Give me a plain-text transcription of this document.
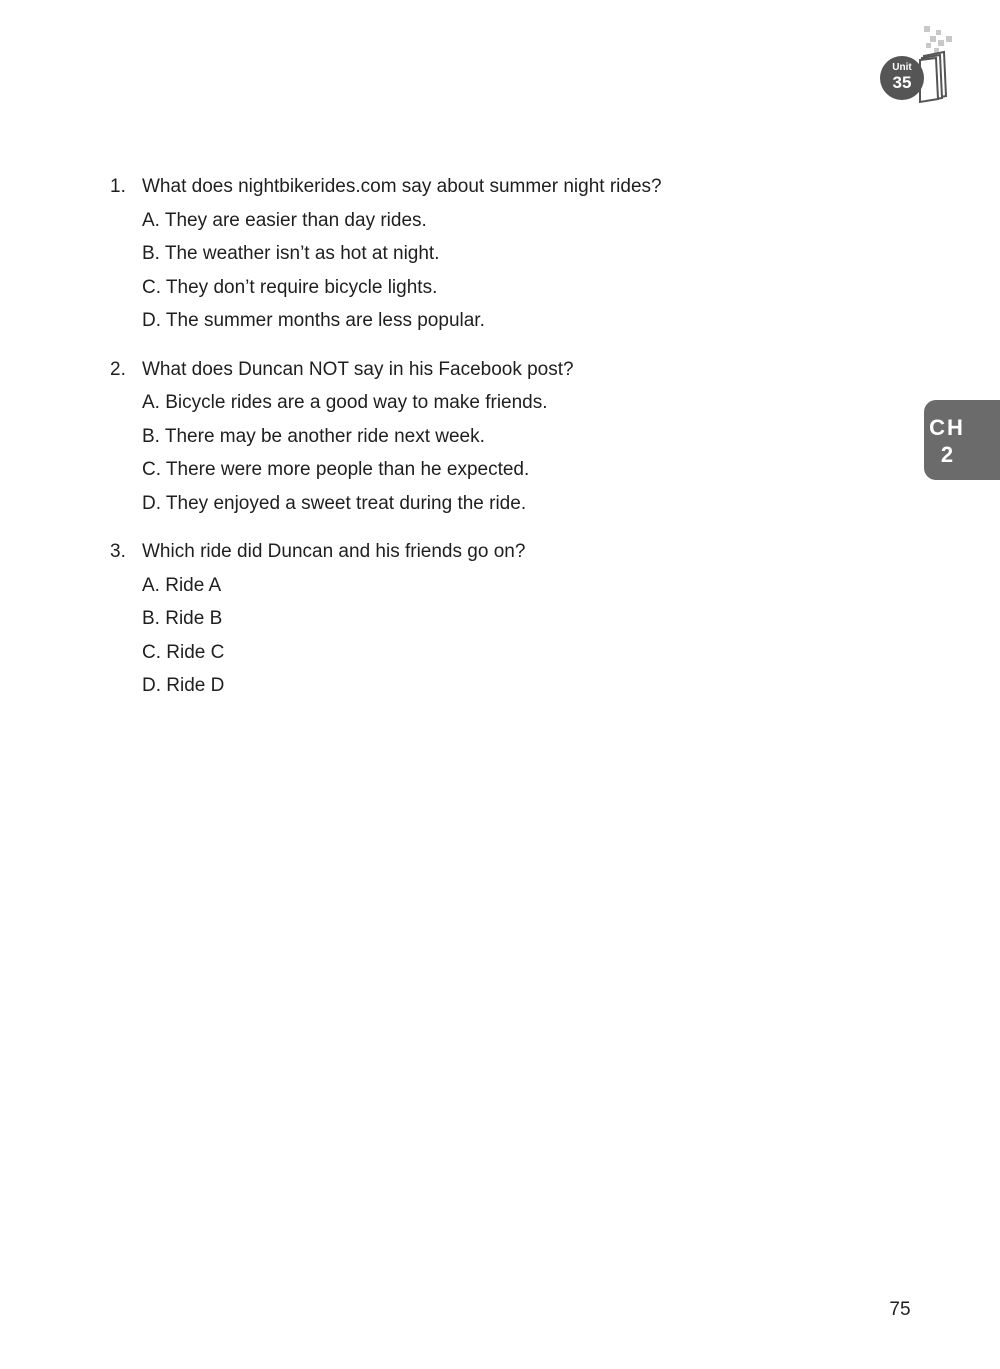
Unit
35
1. What does nightbikerides.com say about summer night rides?
A. They are easier than day rides.
B. The weather isn’t as hot at night.
C. They don’t require bicycle lights.
D. The summer months are less popular.
2. What does Duncan NOT say in his Facebook post?
A. Bicycle rides are a good way to make friends.
B. There may be another ride next week.
C. There were more people than he expected.
D. They enjoyed a sweet treat during the ride.
3. Which ride did Duncan and his friends go on?
A. Ride A
B. Ride B
C. Ride C
D. Ride D
CH
2
75
